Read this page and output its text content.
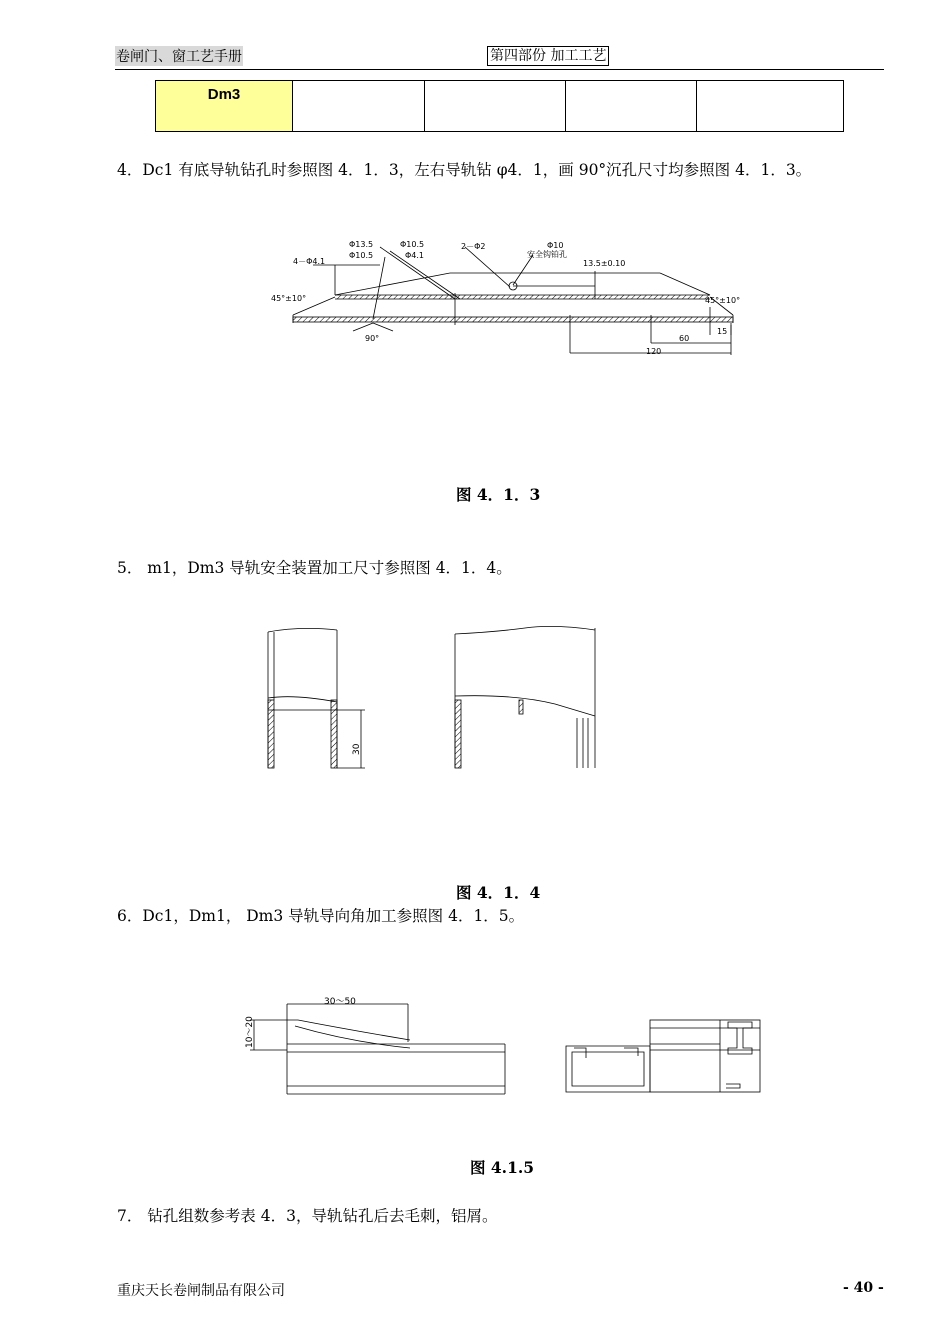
卷闸门、窗工艺手册	第四部份 加工工艺
Dm3				
4．Dc1 有底导轨钻孔时参照图 4．1．3，左右导轨钻 φ4．1，画 90°沉孔尺寸均参照图 4．1．3。
Φ13.5	Φ10.5
Φ10.5	Φ4.1
4－Φ4.1
2－Φ2	Φ10
安全钩铂孔
13.5±0.10
45°±10°	45°±10°
90°
15
60
120
图 4．1．3
5． m1，Dm3 导轨安全装置加工尺寸参照图 4．1．4。
30
图 4．1．4
6．Dc1，Dm1， Dm3 导轨导向角加工参照图 4．1．5。
30～50
10～20
图 4.1.5
7． 钻孔组数参考表 4．3，导轨钻孔后去毛刺，铝屑。
重庆天长卷闸制品有限公司	- 40 -
